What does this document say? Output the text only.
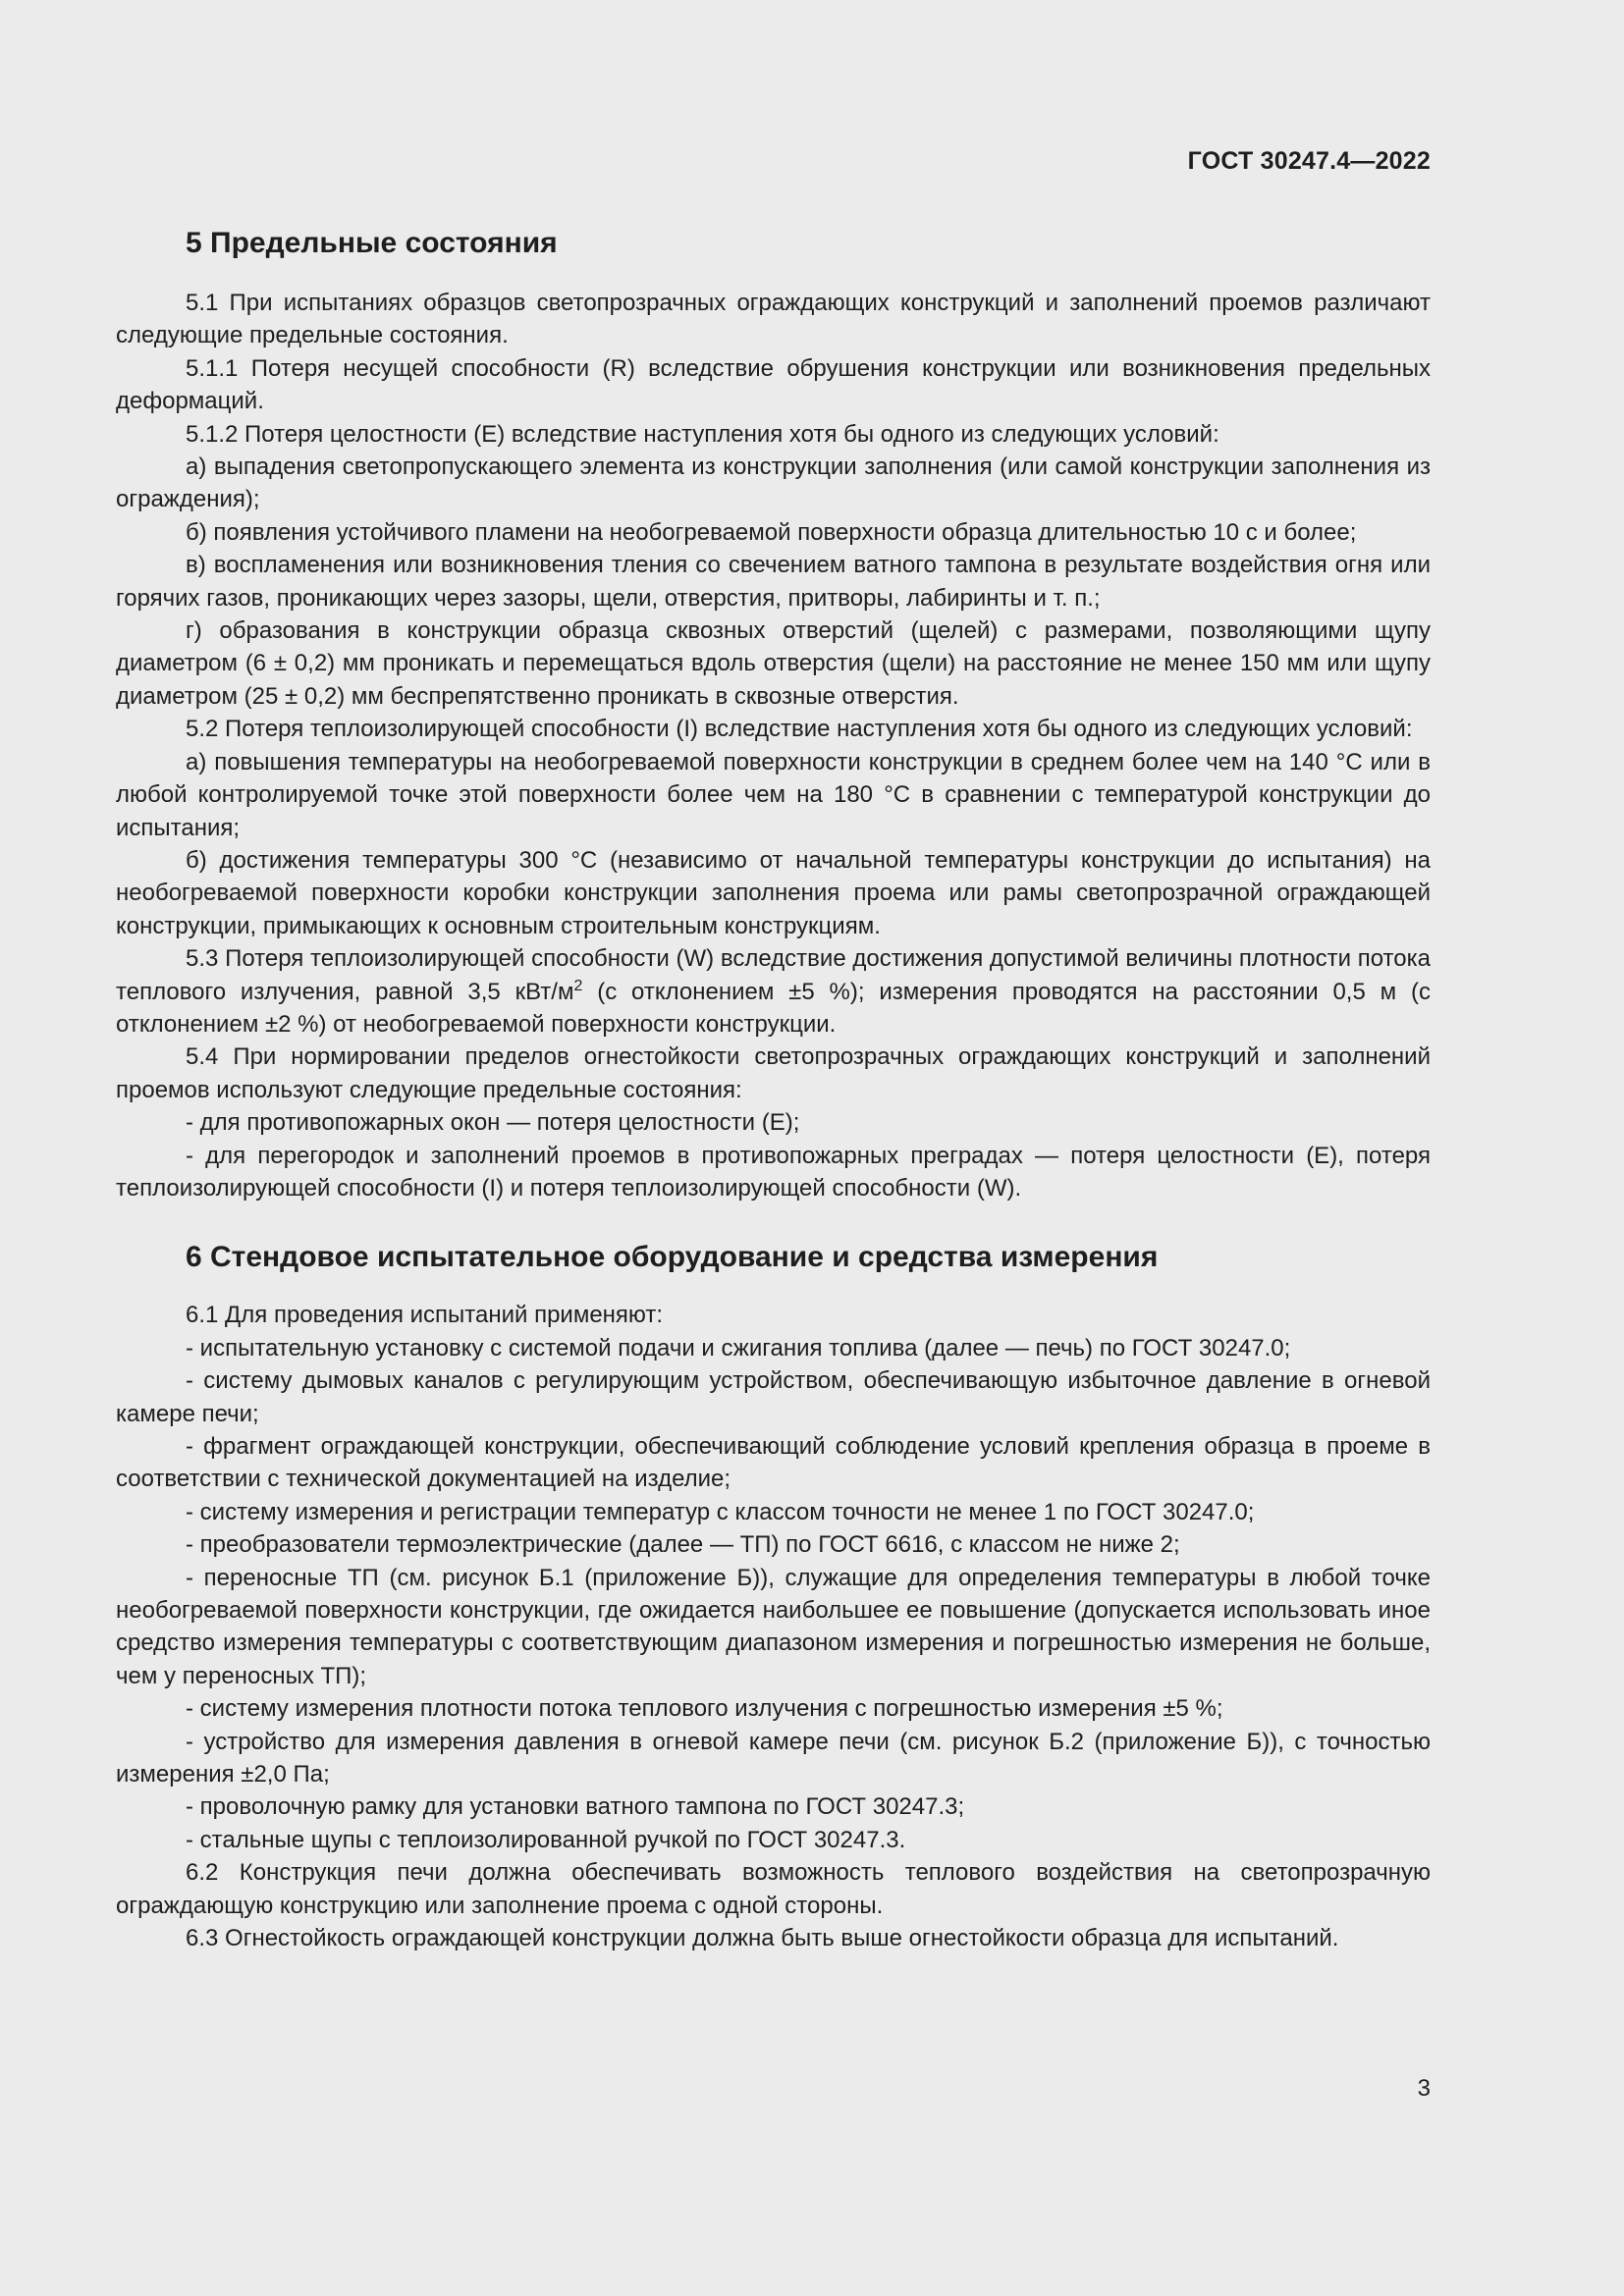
ГОСТ 30247.4—2022
5 Предельные состояния

5.1 При испытаниях образцов светопрозрачных ограждающих конструкций и заполнений проемов различают следующие предельные состояния.

5.1.1 Потеря несущей способности (R) вследствие обрушения конструкции или возникновения предельных деформаций.

5.1.2 Потеря целостности (Е) вследствие наступления хотя бы одного из следующих условий:

а) выпадения светопропускающего элемента из конструкции заполнения (или самой конструкции заполнения из ограждения);

б) появления устойчивого пламени на необогреваемой поверхности образца длительностью 10 с и более;

в) воспламенения или возникновения тления со свечением ватного тампона в результате воздействия огня или горячих газов, проникающих через зазоры, щели, отверстия, притворы, лабиринты и т. п.;

г) образования в конструкции образца сквозных отверстий (щелей) с размерами, позволяющими щупу диаметром (6 ± 0,2) мм проникать и перемещаться вдоль отверстия (щели) на расстояние не менее 150 мм или щупу диаметром (25 ± 0,2) мм беспрепятственно проникать в сквозные отверстия.

5.2 Потеря теплоизолирующей способности (I) вследствие наступления хотя бы одного из следующих условий:

а) повышения температуры на необогреваемой поверхности конструкции в среднем более чем на 140 °С или в любой контролируемой точке этой поверхности более чем на 180 °С в сравнении с температурой конструкции до испытания;

б) достижения температуры 300 °С (независимо от начальной температуры конструкции до испытания) на необогреваемой поверхности коробки конструкции заполнения проема или рамы светопрозрачной ограждающей конструкции, примыкающих к основным строительным конструкциям.

5.3 Потеря теплоизолирующей способности (W) вследствие достижения допустимой величины плотности потока теплового излучения, равной 3,5 кВт/$м^2$ (с отклонением ±5 %); измерения проводятся на расстоянии 0,5 м (с отклонением ±2 %) от необогреваемой поверхности конструкции.

5.4 При нормировании пределов огнестойкости светопрозрачных ограждающих конструкций и заполнений проемов используют следующие предельные состояния:

- для противопожарных окон — потеря целостности (Е);

- для перегородок и заполнений проемов в противопожарных преградах — потеря целостности (Е), потеря теплоизолирующей способности (I) и потеря теплоизолирующей способности (W).

6 Стендовое испытательное оборудование и средства измерения

6.1 Для проведения испытаний применяют:

- испытательную установку с системой подачи и сжигания топлива (далее — печь) по ГОСТ 30247.0;

- систему дымовых каналов с регулирующим устройством, обеспечивающую избыточное давление в огневой камере печи;

- фрагмент ограждающей конструкции, обеспечивающий соблюдение условий крепления образца в проеме в соответствии с технической документацией на изделие;

- систему измерения и регистрации температур с классом точности не менее 1 по ГОСТ 30247.0;

- преобразователи термоэлектрические (далее — ТП) по ГОСТ 6616, с классом не ниже 2;

- переносные ТП (см. рисунок Б.1 (приложение Б)), служащие для определения температуры в любой точке необогреваемой поверхности конструкции, где ожидается наибольшее ее повышение (допускается использовать иное средство измерения температуры с соответствующим диапазоном измерения и погрешностью измерения не больше, чем у переносных ТП);

- систему измерения плотности потока теплового излучения с погрешностью измерения ±5 %;

- устройство для измерения давления в огневой камере печи (см. рисунок Б.2 (приложение Б)), с точностью измерения ±2,0 Па;

- проволочную рамку для установки ватного тампона по ГОСТ 30247.3;

- стальные щупы с теплоизолированной ручкой по ГОСТ 30247.3.

6.2 Конструкция печи должна обеспечивать возможность теплового воздействия на светопрозрачную ограждающую конструкцию или заполнение проема с одной стороны.

6.3 Огнестойкость ограждающей конструкции должна быть выше огнестойкости образца для испытаний.

3
